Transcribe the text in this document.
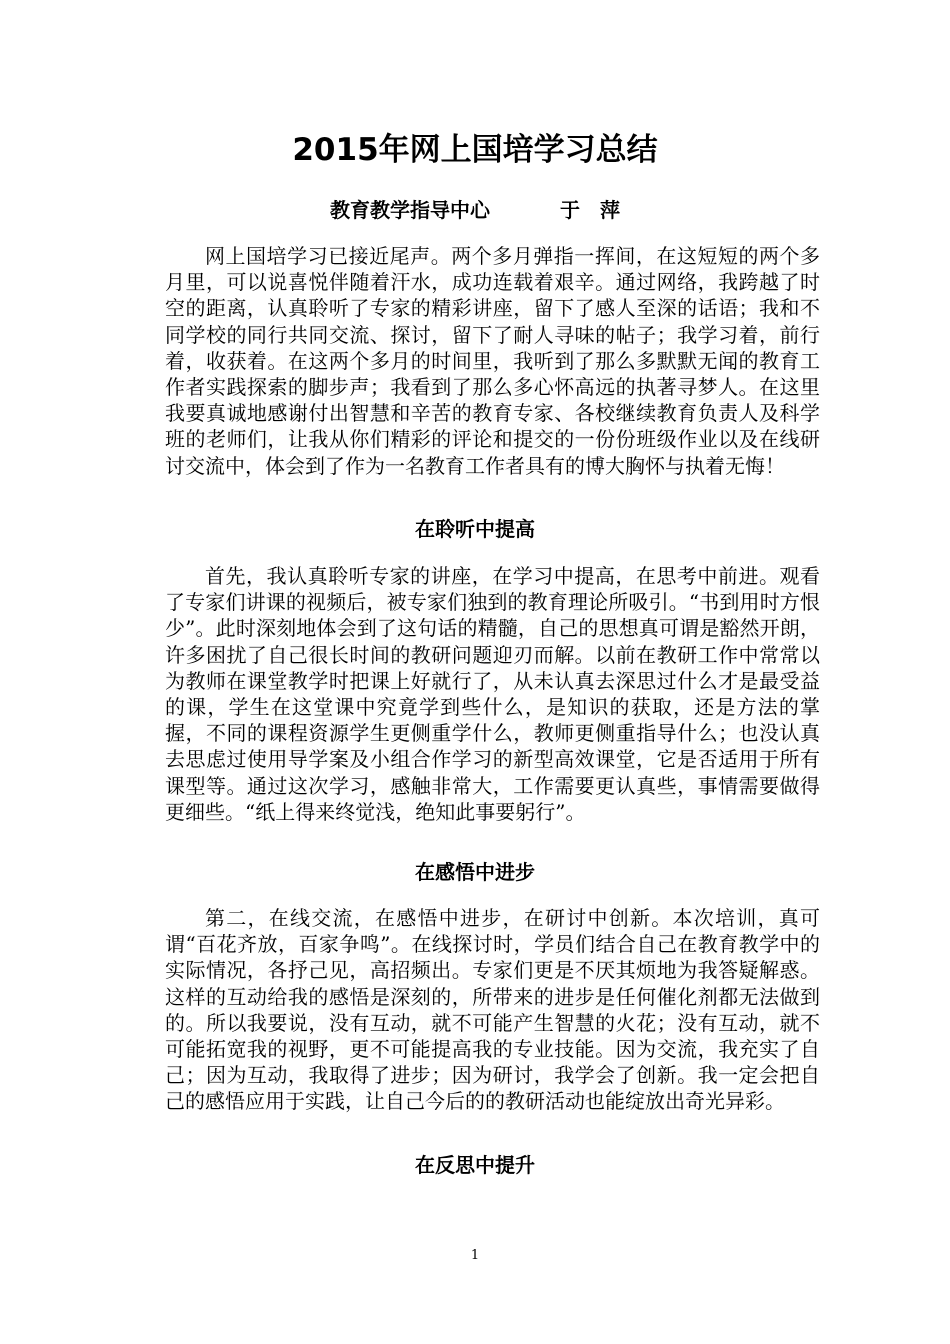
2015年网上国培学习总结
教育教学指导中心	于　萍

网上国培学习已接近尾声。两个多月弹指一挥间，在这短短的两个多月里，可以说喜悦伴随着汗水，成功连载着艰辛。通过网络，我跨越了时空的距离，认真聆听了专家的精彩讲座，留下了感人至深的话语；我和不同学校的同行共同交流、探讨，留下了耐人寻味的帖子；我学习着，前行着，收获着。在这两个多月的时间里，我听到了那么多默默无闻的教育工作者实践探索的脚步声；我看到了那么多心怀高远的执著寻梦人。在这里我要真诚地感谢付出智慧和辛苦的教育专家、各校继续教育负责人及科学班的老师们，让我从你们精彩的评论和提交的一份份班级作业以及在线研讨交流中，体会到了作为一名教育工作者具有的博大胸怀与执着无悔！

在聆听中提高

首先，我认真聆听专家的讲座，在学习中提高，在思考中前进。观看了专家们讲课的视频后，被专家们独到的教育理论所吸引。“书到用时方恨少”。此时深刻地体会到了这句话的精髓，自己的思想真可谓是豁然开朗，许多困扰了自己很长时间的教研问题迎刃而解。以前在教研工作中常常以为教师在课堂教学时把课上好就行了，从未认真去深思过什么才是最受益的课，学生在这堂课中究竟学到些什么，是知识的获取，还是方法的掌握，不同的课程资源学生更侧重学什么，教师更侧重指导什么；也没认真去思虑过使用导学案及小组合作学习的新型高效课堂，它是否适用于所有课型等。通过这次学习，感触非常大，工作需要更认真些，事情需要做得更细些。“纸上得来终觉浅，绝知此事要躬行”。

在感悟中进步

第二，在线交流，在感悟中进步，在研讨中创新。本次培训，真可谓“百花齐放，百家争鸣”。在线探讨时，学员们结合自己在教育教学中的实际情况，各抒己见，高招频出。专家们更是不厌其烦地为我答疑解惑。这样的互动给我的感悟是深刻的，所带来的进步是任何催化剂都无法做到的。所以我要说，没有互动，就不可能产生智慧的火花；没有互动，就不可能拓宽我的视野，更不可能提高我的专业技能。因为交流，我充实了自己；因为互动，我取得了进步；因为研讨，我学会了创新。我一定会把自己的感悟应用于实践，让自己今后的的教研活动也能绽放出奇光异彩。

在反思中提升
1
